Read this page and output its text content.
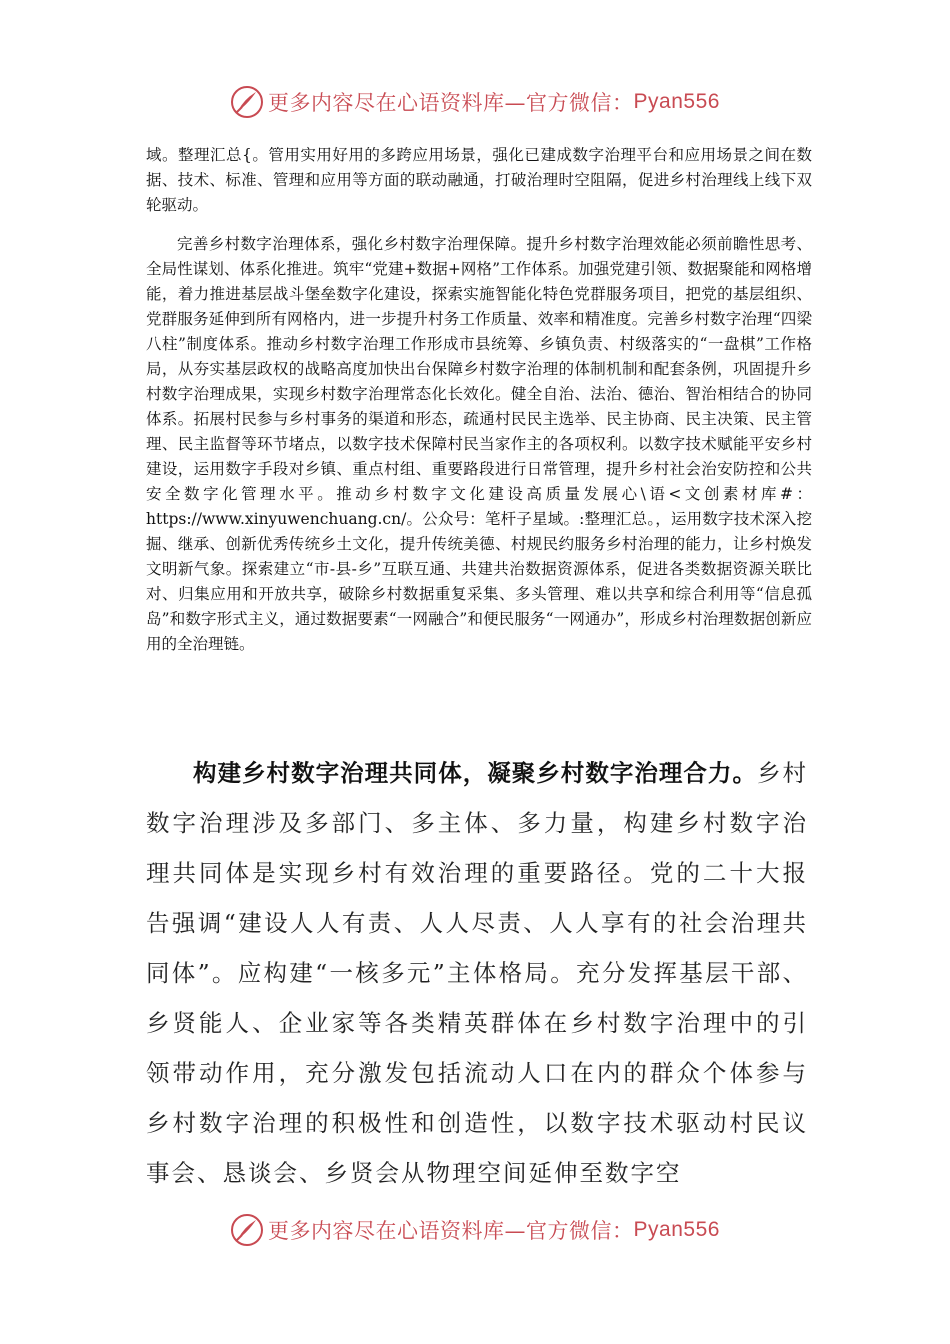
更多内容尽在心语资料库—官方微信： Pyan556

域。整理汇总{。管用实用好用的多跨应用场景，强化已建成数字治理平台和应用场景之间在数据、技术、标准、管理和应用等方面的联动融通，打破治理时空阻隔，促进乡村治理线上线下双轮驱动。

完善乡村数字治理体系，强化乡村数字治理保障。提升乡村数字治理效能必须前瞻性思考、全局性谋划、体系化推进。筑牢“党建+数据+网格”工作体系。加强党建引领、数据聚能和网格增能，着力推进基层战斗堡垒数字化建设，探索实施智能化特色党群服务项目，把党的基层组织、党群服务延伸到所有网格内，进一步提升村务工作质量、效率和精准度。完善乡村数字治理“四梁八柱”制度体系。推动乡村数字治理工作形成市县统筹、乡镇负责、村级落实的“一盘棋”工作格局，从夯实基层政权的战略高度加快出台保障乡村数字治理的体制机制和配套条例，巩固提升乡村数字治理成果，实现乡村数字治理常态化长效化。健全自治、法治、德治、智治相结合的协同体系。拓展村民参与乡村事务的渠道和形态，疏通村民民主选举、民主协商、民主决策、民主管理、民主监督等环节堵点，以数字技术保障村民当家作主的各项权利。以数字技术赋能平安乡村建设，运用数字手段对乡镇、重点村组、重要路段进行日常管理，提升乡村社会治安防控和公共安全数字化管理水平。推动乡村数字文化建设高质量发展心\语<文创素材库#：https://www.xinyuwenchuang.cn/。公众号：笔杆子星域。:整理汇总。，运用数字技术深入挖掘、继承、创新优秀传统乡土文化，提升传统美德、村规民约服务乡村治理的能力，让乡村焕发文明新气象。探索建立“市-县-乡”互联互通、共建共治数据资源体系，促进各类数据资源关联比对、归集应用和开放共享，破除乡村数据重复采集、多头管理、难以共享和综合利用等“信息孤岛”和数字形式主义，通过数据要素“一网融合”和便民服务“一网通办”，形成乡村治理数据创新应用的全治理链。

构建乡村数字治理共同体，凝聚乡村数字治理合力。乡村数字治理涉及多部门、多主体、多力量，构建乡村数字治理共同体是实现乡村有效治理的重要路径。党的二十大报告强调“建设人人有责、人人尽责、人人享有的社会治理共同体”。应构建“一核多元”主体格局。充分发挥基层干部、乡贤能人、企业家等各类精英群体在乡村数字治理中的引领带动作用，充分激发包括流动人口在内的群众个体参与乡村数字治理的积极性和创造性，以数字技术驱动村民议事会、恳谈会、乡贤会从物理空间延伸至数字空

更多内容尽在心语资料库—官方微信： Pyan556
